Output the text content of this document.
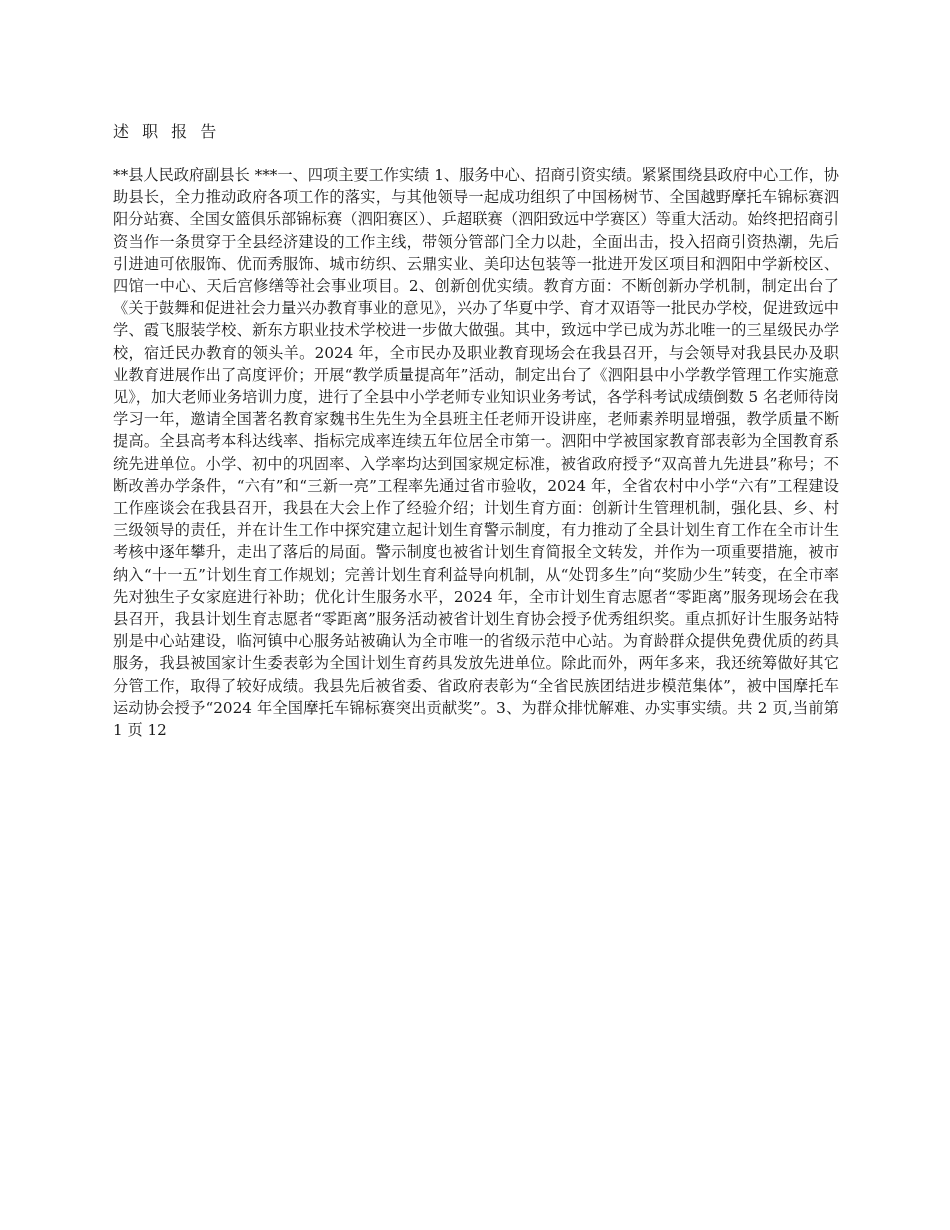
述 职 报 告

**县人民政府副县长 ***一、四项主要工作实绩 1、服务中心、招商引资实绩。紧紧围绕县政府中心工作，协助县长，全力推动政府各项工作的落实，与其他领导一起成功组织了中国杨树节、全国越野摩托车锦标赛泗阳分站赛、全国女篮俱乐部锦标赛（泗阳赛区）、乒超联赛（泗阳致远中学赛区）等重大活动。始终把招商引资当作一条贯穿于全县经济建设的工作主线，带领分管部门全力以赴，全面出击，投入招商引资热潮，先后引进迪可依服饰、优而秀服饰、城市纺织、云鼎实业、美印达包装等一批进开发区项目和泗阳中学新校区、四馆一中心、天后宫修缮等社会事业项目。2、创新创优实绩。教育方面：不断创新办学机制，制定出台了《关于鼓舞和促进社会力量兴办教育事业的意见》，兴办了华夏中学、育才双语等一批民办学校，促进致远中学、霞飞服装学校、新东方职业技术学校进一步做大做强。其中，致远中学已成为苏北唯一的三星级民办学校，宿迁民办教育的领头羊。2024 年，全市民办及职业教育现场会在我县召开，与会领导对我县民办及职业教育进展作出了高度评价；开展“教学质量提高年”活动，制定出台了《泗阳县中小学教学管理工作实施意见》，加大老师业务培训力度，进行了全县中小学老师专业知识业务考试，各学科考试成绩倒数 5 名老师待岗学习一年，邀请全国著名教育家魏书生先生为全县班主任老师开设讲座，老师素养明显增强，教学质量不断提高。全县高考本科达线率、指标完成率连续五年位居全市第一。泗阳中学被国家教育部表彰为全国教育系统先进单位。小学、初中的巩固率、入学率均达到国家规定标准，被省政府授予“双高普九先进县”称号；不断改善办学条件，“六有”和“三新一亮”工程率先通过省市验收，2024 年，全省农村中小学“六有”工程建设工作座谈会在我县召开，我县在大会上作了经验介绍；计划生育方面：创新计生管理机制，强化县、乡、村三级领导的责任，并在计生工作中探究建立起计划生育警示制度，有力推动了全县计划生育工作在全市计生考核中逐年攀升，走出了落后的局面。警示制度也被省计划生育简报全文转发，并作为一项重要措施，被市纳入“十一五”计划生育工作规划；完善计划生育利益导向机制，从“处罚多生”向“奖励少生”转变，在全市率先对独生子女家庭进行补助；优化计生服务水平，2024 年，全市计划生育志愿者“零距离”服务现场会在我县召开，我县计划生育志愿者“零距离”服务活动被省计划生育协会授予优秀组织奖。重点抓好计生服务站特别是中心站建设，临河镇中心服务站被确认为全市唯一的省级示范中心站。为育龄群众提供免费优质的药具服务，我县被国家计生委表彰为全国计划生育药具发放先进单位。除此而外，两年多来，我还统筹做好其它分管工作，取得了较好成绩。我县先后被省委、省政府表彰为“全省民族团结进步模范集体”，被中国摩托车运动协会授予“2024 年全国摩托车锦标赛突出贡献奖”。3、为群众排忧解难、办实事实绩。共 2 页,当前第 1 页 12
